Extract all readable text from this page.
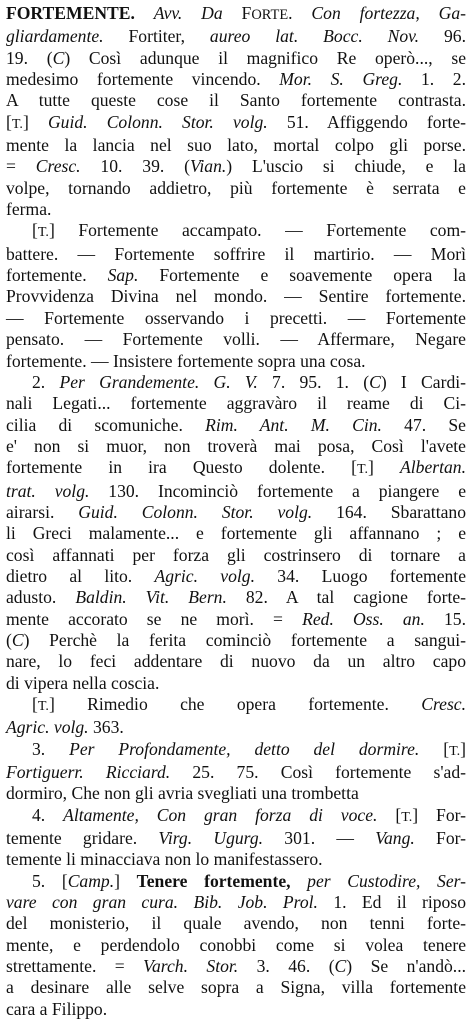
FORTEMENTE. Avv. Da FORTE. Con fortezza, Ga-
gliardamente. Fortiter, aureo lat. Bocc. Nov. 96.
19. (C) Così adunque il magnifico Re operò..., se
medesimo fortemente vincendo. Mor. S. Greg. 1. 2.
A tutte queste cose il Santo fortemente contrasta.
[T.] Guid. Colonn. Stor. volg. 51. Affiggendo forte-
mente la lancia nel suo lato, mortal colpo gli porse.
= Cresc. 10. 39. (Vian.) L'uscio si chiude, e la
volpe, tornando addietro, più fortemente è serrata e
ferma.
[T.] Fortemente accampato. — Fortemente com-
battere. — Fortemente soffrire il martirio. — Morì
fortemente. Sap. Fortemente e soavemente opera la
Provvidenza Divina nel mondo. — Sentire fortemente.
— Fortemente osservando i precetti. — Fortemente
pensato. — Fortemente volli. — Affermare, Negare
fortemente. — Insistere fortemente sopra una cosa.
2. Per Grandemente. G. V. 7. 95. 1. (C) I Cardi-
nali Legati... fortemente aggravàro il reame di Ci-
cilia di scomuniche. Rim. Ant. M. Cin. 47. Se
e' non si muor, non troverà mai posa, Così l'avete
fortemente in ira Questo dolente. [T.] Albertan.
trat. volg. 130. Incominciò fortemente a piangere e
airarsi. Guid. Colonn. Stor. volg. 164. Sbarattano
li Greci malamente... e fortemente gli affannano ; e
così affannati per forza gli costrinsero di tornare a
dietro al lito. Agric. volg. 34. Luogo fortemente
adusto. Baldin. Vit. Bern. 82. A tal cagione forte-
mente accorato se ne morì. = Red. Oss. an. 15.
(C) Perchè la ferita cominciò fortemente a sangui-
nare, lo feci addentare di nuovo da un altro capo
di vipera nella coscia.
[T.] Rimedio che opera fortemente. Cresc.
Agric. volg. 363.
3. Per Profondamente, detto del dormire. [T.]
Fortiguerr. Ricciard. 25. 75. Così fortemente s'ad-
dormiro, Che non gli avria svegliati una trombetta
4. Altamente, Con gran forza di voce. [T.] For-
temente gridare. Virg. Ugurg. 301. — Vang. For-
temente li minacciava non lo manifestassero.
5. [Camp.] Tenere fortemente, per Custodire, Ser-
vare con gran cura. Bib. Job. Prol. 1. Ed il riposo
del monisterio, il quale avendo, non tenni forte-
mente, e perdendolo conobbi come si volea tenere
strettamente. = Varch. Stor. 3. 46. (C) Se n'andò...
a desinare alle selve sopra a Signa, villa fortemente
cara a Filippo.
